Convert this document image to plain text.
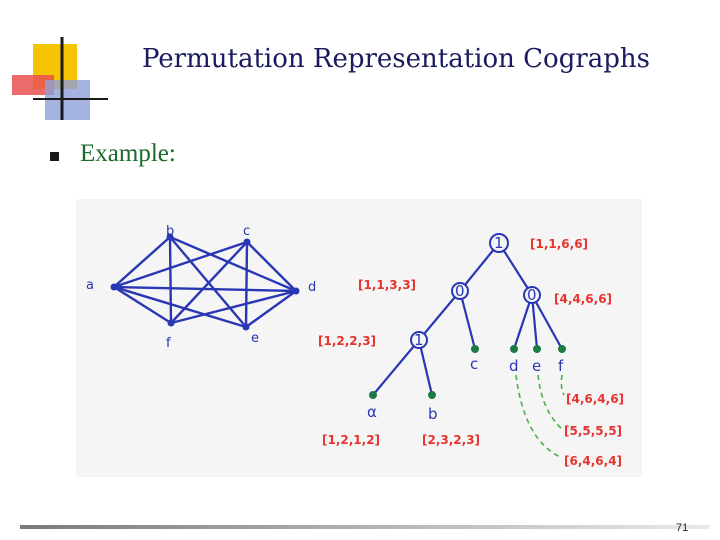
Permutation Representation Cographs
Example:
b	c
a	d
f	e
1
0	0
1
α	b
c d e f
[1,1,6,6]
[1,1,3,3]
[4,4,6,6]
[1,2,2,3]
[1,2,1,2]	[2,3,2,3]
[4,6,4,6]
[5,5,5,5]
[6,4,6,4]
71
